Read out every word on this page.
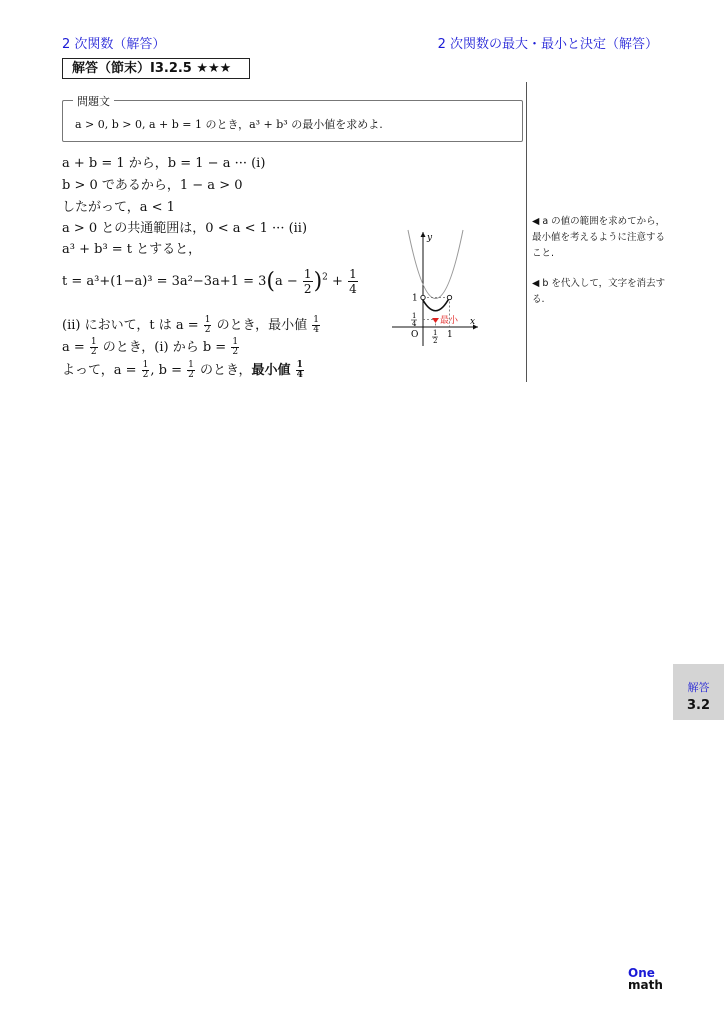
2 次関数（解答）	2 次関数の最大・最小と決定（解答）
解答（節末）I3.2.5 ★★★
問題文
a > 0, b > 0, a + b = 1 のとき，a³ + b³ の最小値を求めよ.
a + b = 1 から，b = 1 − a ··· (i)
b > 0 であるから，1 − a > 0
したがって，a < 1
a > 0 との共通範囲は，0 < a < 1 ··· (ii)
a³ + b³ = t とすると，
$t = a^3+(1-a)^3 = 3a^2-3a+1 = 3(a - \frac{1}{2} )^2 + \frac{1}{4}$
(ii) において，t は $a = \frac{1}{2}$ のとき，最小値 $\frac{1}{4}$
$a = \frac{1}{2}$ のとき，(i) から $b = \frac{1}{2}$
よって，$a = \frac{1}{2}$ , $b = \frac{1}{2}$ のとき，最小値 $\frac{1}{4}$
最小
y
x
O
1
1
1
4
1
2
◀ a の値の範囲を求めてから，最小値を考えるように注意すること.
◀ b を代入して，文字を消去する.
解答
3.2
One
math
